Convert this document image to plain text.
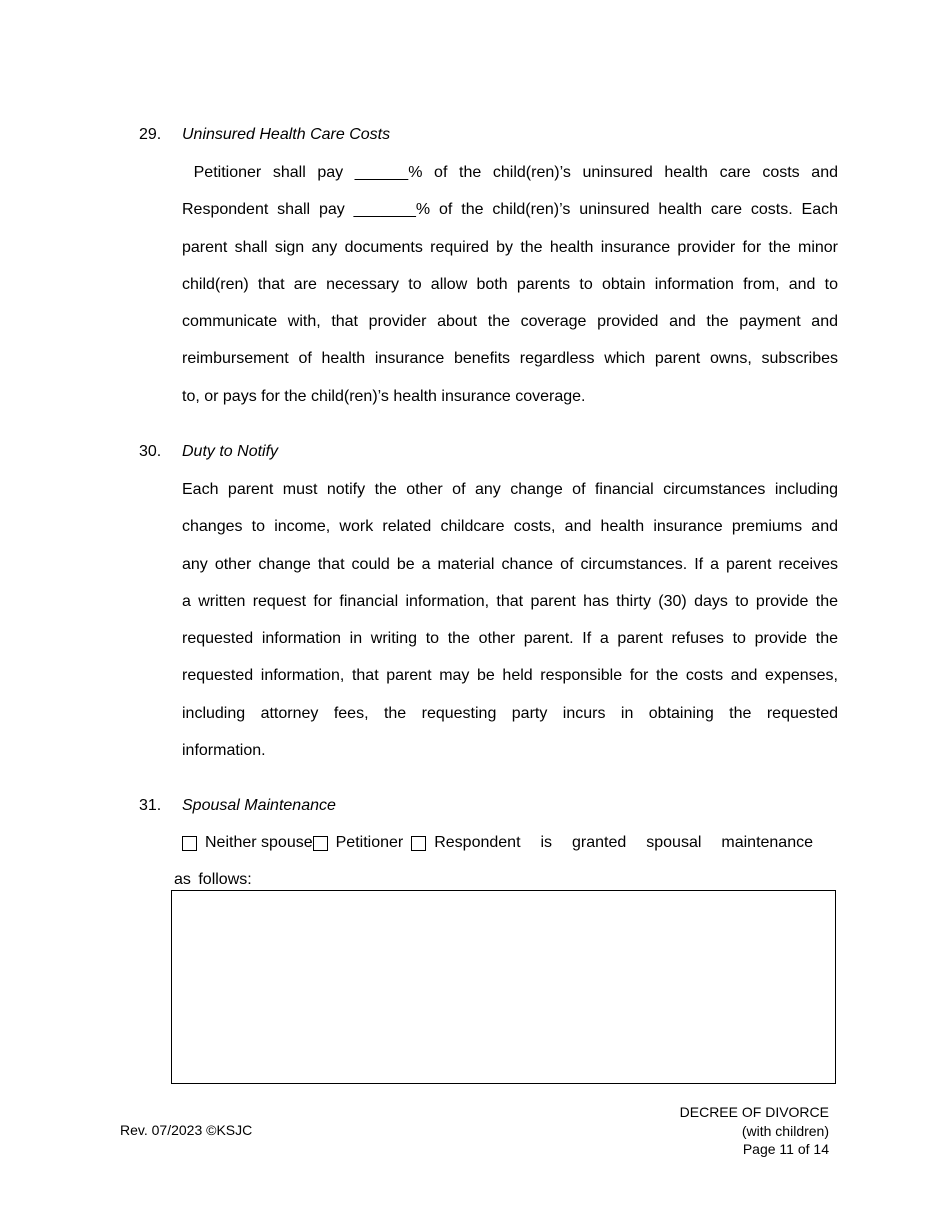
29. Uninsured Health Care Costs
Petitioner shall pay ______% of the child(ren)’s uninsured health care costs and
Respondent shall pay _______% of the child(ren)’s uninsured health care costs. Each
parent shall sign any documents required by the health insurance provider for the minor
child(ren) that are necessary to allow both parents to obtain information from, and to
communicate with, that provider about the coverage provided and the payment and
reimbursement of health insurance benefits regardless which parent owns, subscribes
to, or pays for the child(ren)’s health insurance coverage.
30. Duty to Notify
Each parent must notify the other of any change of financial circumstances including
changes to income, work related childcare costs, and health insurance premiums and
any other change that could be a material chance of circumstances. If a parent receives
a written request for financial information, that parent has thirty (30) days to provide the
requested information in writing to the other parent. If a parent refuses to provide the
requested information, that parent may be held responsible for the costs and expenses,
including attorney fees, the requesting party incurs in obtaining the requested
information.
31. Spousal Maintenance
Neither spouse Petitioner Respondent is granted spousal maintenance
as follows:
Rev. 07/2023 ©KSJC
DECREE OF DIVORCE
(with children)
Page 11 of 14
